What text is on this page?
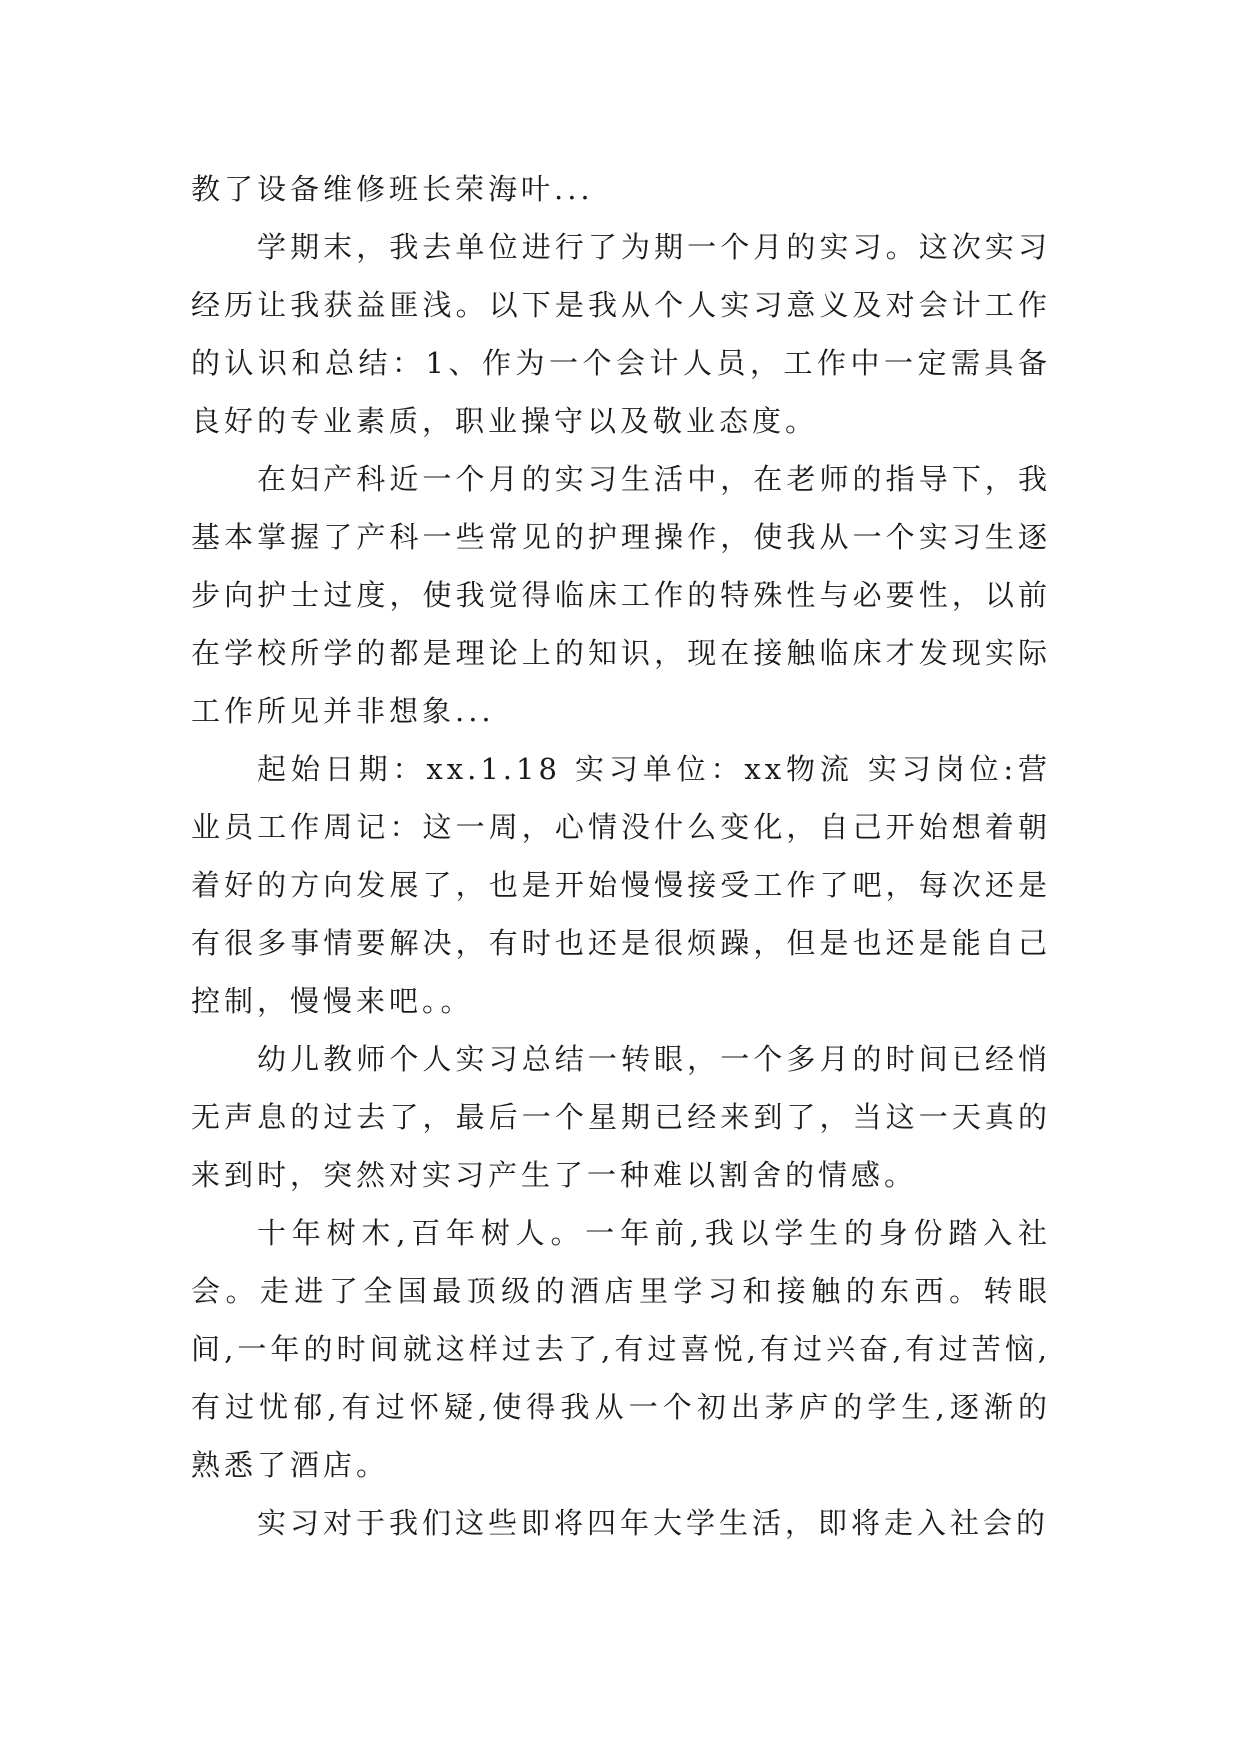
教了设备维修班长荣海叶...

学期末，我去单位进行了为期一个月的实习。这次实习经历让我获益匪浅。以下是我从个人实习意义及对会计工作的认识和总结：1、作为一个会计人员，工作中一定需具备良好的专业素质，职业操守以及敬业态度。

在妇产科近一个月的实习生活中，在老师的指导下，我基本掌握了产科一些常见的护理操作，使我从一个实习生逐步向护士过度，使我觉得临床工作的特殊性与必要性，以前在学校所学的都是理论上的知识，现在接触临床才发现实际工作所见并非想象...

起始日期：xx.1.18 实习单位：xx物流 实习岗位:营业员工作周记：这一周，心情没什么变化，自己开始想着朝着好的方向发展了，也是开始慢慢接受工作了吧，每次还是有很多事情要解决，有时也还是很烦躁，但是也还是能自己控制，慢慢来吧。。

幼儿教师个人实习总结一转眼，一个多月的时间已经悄无声息的过去了，最后一个星期已经来到了，当这一天真的来到时，突然对实习产生了一种难以割舍的情感。

十年树木,百年树人。一年前,我以学生的身份踏入社会。走进了全国最顶级的酒店里学习和接触的东西。转眼间,一年的时间就这样过去了,有过喜悦,有过兴奋,有过苦恼,有过忧郁,有过怀疑,使得我从一个初出茅庐的学生,逐渐的熟悉了酒店。

实习对于我们这些即将四年大学生活，即将走入社会的
